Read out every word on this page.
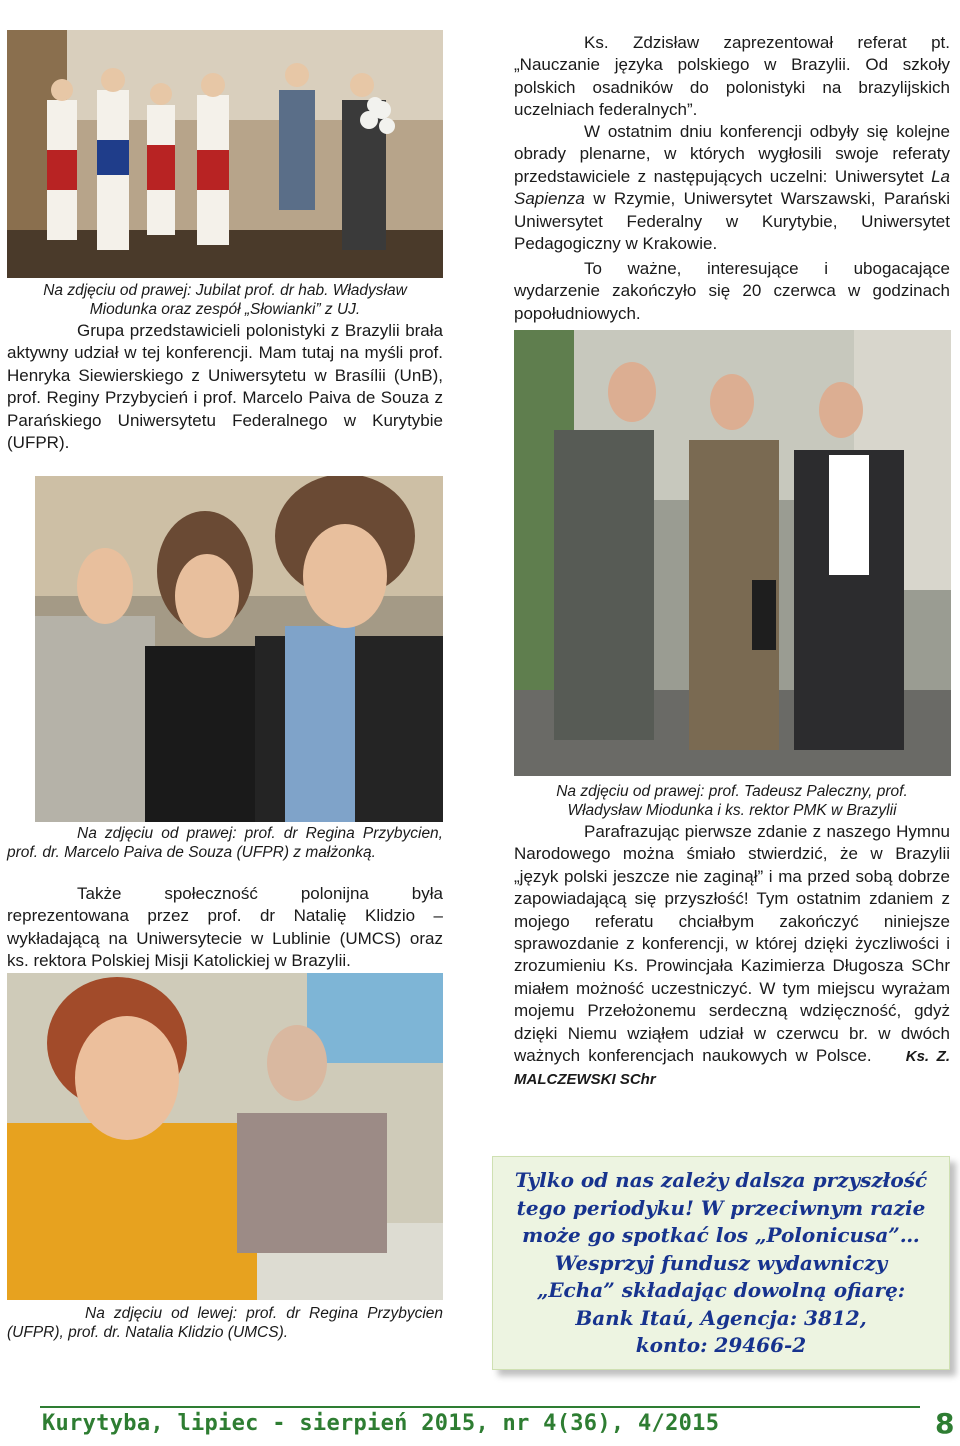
Na zdjęciu od prawej: Jubilat prof. dr hab. Władysław
Miodunka oraz zespół „Słowianki” z UJ.

Grupa przedstawicieli polonistyki z Brazylii brała aktywny udział w tej konferencji. Mam tutaj na myśli prof. Henryka Siewierskiego z Uniwersytetu w Brasílii (UnB), prof. Reginy Przybycień i prof. Marcelo Paiva de Souza z Parańskiego Uniwersytetu Federalnego w Kurytybie (UFPR).

Ks. Zdzisław zaprezentował referat pt. „Nauczanie języka polskiego w Brazylii. Od szkoły polskich osadników do polonistyki na brazylijskich uczelniach federalnych”.

W ostatnim dniu konferencji odbyły się kolejne obrady plenarne, w których wygłosili swoje referaty przedstawiciele z następujących uczelni: Uniwersytet La Sapienza w Rzymie, Uniwersytet Warszawski, Parański Uniwersytet Federalny w Kurytybie, Uniwersytet Pedagogiczny w Krakowie.

To ważne, interesujące i ubogacające wydarzenie zakończyło się 20 czerwca w godzinach popołudniowych.

Na zdjęciu od prawej: prof. dr Regina Przybycien, prof. dr. Marcelo Paiva de Souza (UFPR) z małżonką.

Także społeczność polonijna była reprezentowana przez prof. dr Natalię Klidzio – wykładającą na Uniwersytecie w Lublinie (UMCS) oraz ks. rektora Polskiej Misji Katolickiej w Brazylii.

Na zdjęciu od lewej: prof. dr Regina Przybycien (UFPR), prof. dr. Natalia Klidzio (UMCS).
Na zdjęciu od prawej: prof. Tadeusz Paleczny, prof.
Władysław Miodunka i ks. rektor PMK w Brazylii

Parafrazując pierwsze zdanie z naszego Hymnu Narodowego można śmiało stwierdzić, że w Brazylii „język polski jeszcze nie zaginął” i ma przed sobą dobrze zapowiadającą się przyszłość! Tym ostatnim zdaniem z mojego referatu chciałbym zakończyć niniejsze sprawozdanie z konferencji, w której dzięki życzliwości i zrozumieniu Ks. Prowincjała Kazimierza Długosza SChr miałem możność uczestniczyć. W tym miejscu wyrażam mojemu Przełożonemu serdeczną wdzięczność, gdyż dzięki Niemu wziąłem udział w czerwcu br. w dwóch ważnych konferencjach naukowych w Polsce. Ks. Z. MALCZEWSKI SChr

Tylko od nas zależy dalsza przyszłość
tego periodyku! W przeciwnym razie
może go spotkać los „Polonicusa”…
Wesprzyj fundusz wydawniczy
„Echa” składając dowolną ofiarę:
Bank Itaú, Agencja: 3812,
konto: 29466-2
Kurytyba, lipiec - sierpień 2015, nr 4(36), 4/2015	8
